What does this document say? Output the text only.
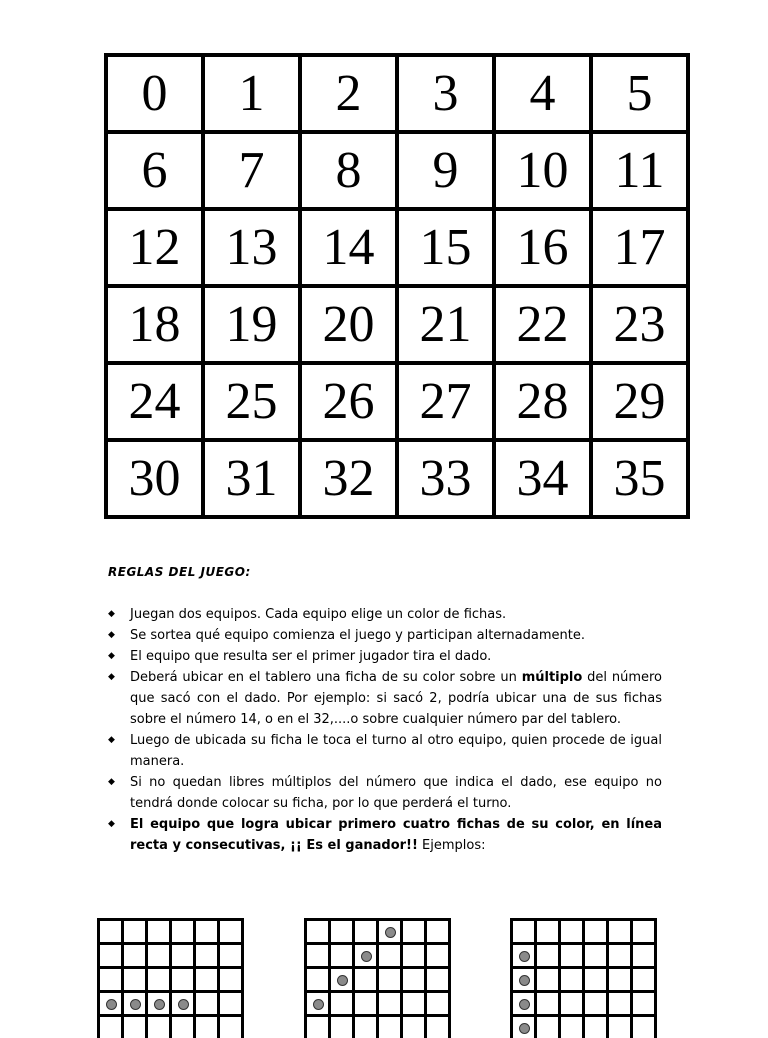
0	1	2	3	4	5
6	7	8	9	10	11
12	13	14	15	16	17
18	19	20	21	22	23
24	25	26	27	28	29
30	31	32	33	34	35
REGLAS DEL JUEGO:
◆ Juegan dos equipos. Cada equipo elige un color de fichas.
◆ Se sortea qué equipo comienza el juego y participan alternadamente.
◆ El equipo que resulta ser el primer jugador tira el dado.
◆ Deberá ubicar en el tablero una ficha de su color sobre un múltiplo del número que sacó con el dado. Por ejemplo: si sacó 2, podría ubicar una de sus fichas sobre el número 14, o en el 32,....o sobre cualquier número par del tablero.
◆ Luego de ubicada su ficha le toca el turno al otro equipo, quien procede de igual manera.
◆ Si no quedan libres múltiplos del número que indica el dado, ese equipo no tendrá donde colocar su ficha, por lo que perderá el turno.
◆ El equipo que logra ubicar primero cuatro fichas de su color, en línea recta y consecutivas, ¡¡ Es el ganador!! Ejemplos:
